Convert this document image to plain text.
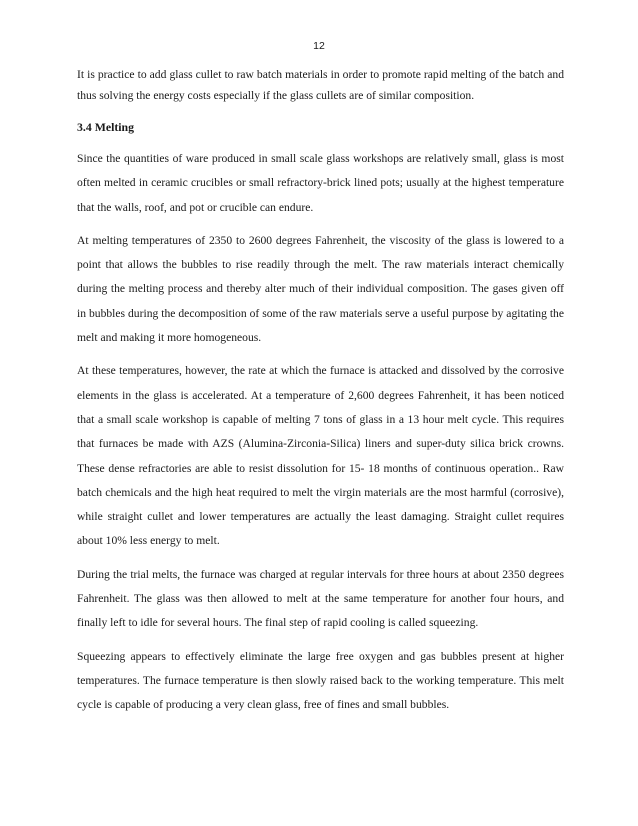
12

It is practice to add glass cullet to raw batch materials in order to promote rapid melting of the batch and thus solving the energy costs especially if the glass cullets are of similar composition.

3.4 Melting

Since the quantities of ware produced in small scale glass workshops are relatively small, glass is most often melted in ceramic crucibles or small refractory-brick lined pots; usually at the highest temperature that the walls, roof, and pot or crucible can endure.

At melting temperatures of 2350 to 2600 degrees Fahrenheit, the viscosity of the glass is lowered to a point that allows the bubbles to rise readily through the melt. The raw materials interact chemically during the melting process and thereby alter much of their individual composition. The gases given off in bubbles during the decomposition of some of the raw materials serve a useful purpose by agitating the melt and making it more homogeneous.

At these temperatures, however, the rate at which the furnace is attacked and dissolved by the corrosive elements in the glass is accelerated. At a temperature of 2,600 degrees Fahrenheit, it has been noticed that a small scale workshop is capable of melting 7 tons of glass in a 13 hour melt cycle. This requires that furnaces be made with AZS (Alumina-Zirconia-Silica) liners and super-duty silica brick crowns. These dense refractories are able to resist dissolution for 15- 18 months of continuous operation.. Raw batch chemicals and the high heat required to melt the virgin materials are the most harmful (corrosive), while straight cullet and lower temperatures are actually the least damaging. Straight cullet requires about 10% less energy to melt.

During the trial melts, the furnace was charged at regular intervals for three hours at about 2350 degrees Fahrenheit. The glass was then allowed to melt at the same temperature for another four hours, and finally left to idle for several hours. The final step of rapid cooling is called squeezing.

Squeezing appears to effectively eliminate the large free oxygen and gas bubbles present at higher temperatures. The furnace temperature is then slowly raised back to the working temperature. This melt cycle is capable of producing a very clean glass, free of fines and small bubbles.
